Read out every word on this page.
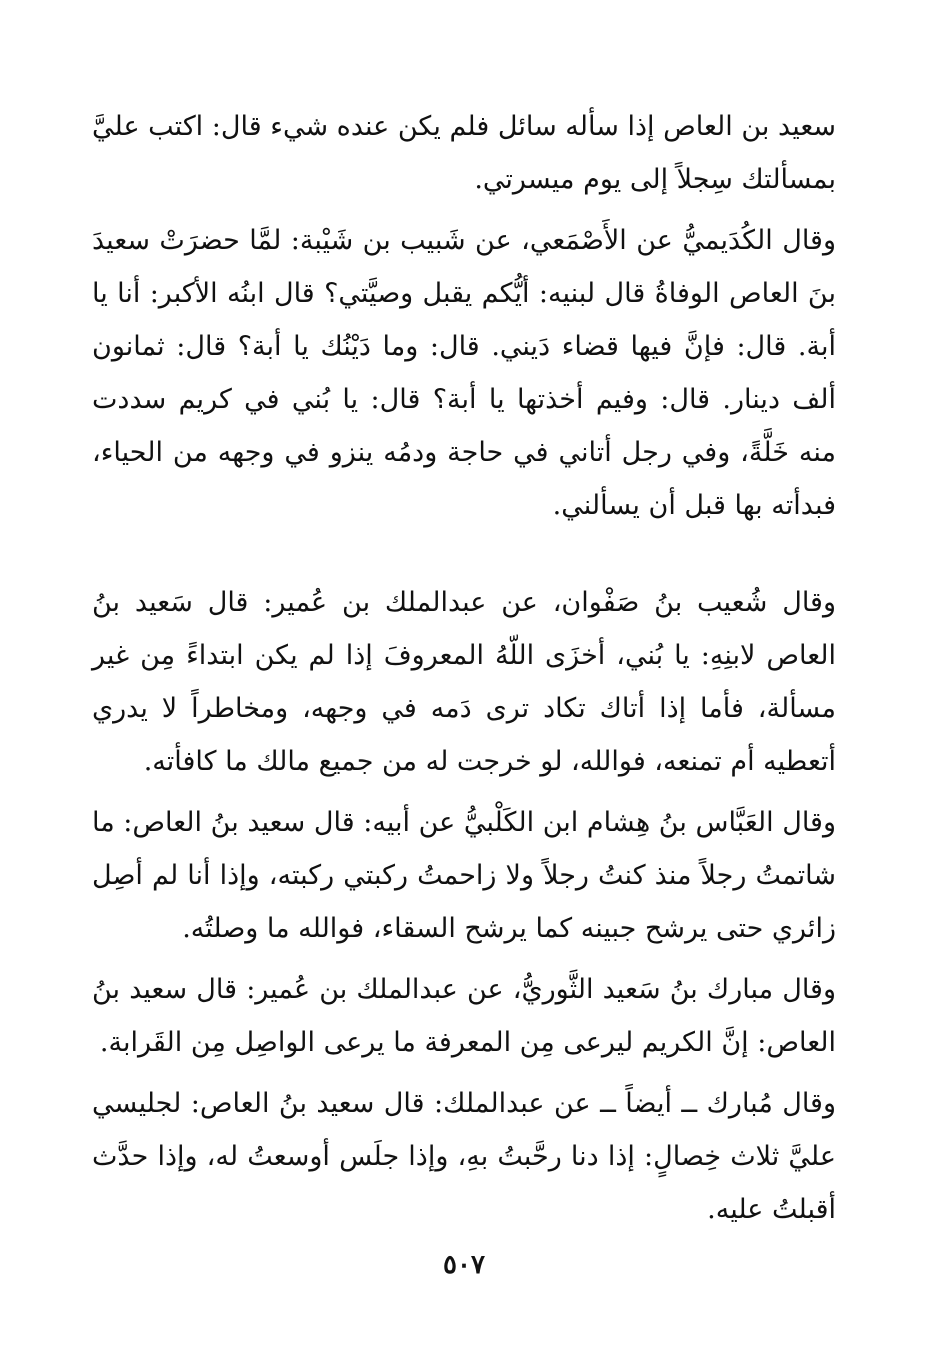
سعيد بن العاص إذا سأله سائل فلم يكن عنده شيء قال: اكتب عليَّ بمسألتك سِجلاً إلى يوم ميسرتي.

وقال الكُدَيميُّ عن الأَصْمَعي، عن شَبيب بن شَيْبة: لمَّا حضرَتْ سعيدَ بنَ العاص الوفاةُ قال لبنيه: أيُّكم يقبل وصيَّتي؟ قال ابنُه الأكبر: أنا يا أبة. قال: فإنَّ فيها قضاء دَيني. قال: وما دَيْنُك يا أبة؟ قال: ثمانون ألف دينار. قال: وفيم أخذتها يا أبة؟ قال: يا بُني في كريم سددت منه خَلَّةً، وفي رجل أتاني في حاجة ودمُه ينزو في وجهه من الحياء، فبدأته بها قبل أن يسألني.

وقال شُعيب بنُ صَفْوان، عن عبدالملك بن عُمير: قال سَعيد بنُ العاص لابنِهِ: يا بُني، أخزَى اللّهُ المعروفَ إذا لم يكن ابتداءً مِن غير مسألة، فأما إذا أتاك تكاد ترى دَمه في وجهه، ومخاطراً لا يدري أتعطيه أم تمنعه، فوالله، لو خرجت له من جميع مالك ما كافأته.

وقال العَبَّاس بنُ هِشام ابن الكَلْبيُّ عن أبيه: قال سعيد بنُ العاص: ما شاتمتُ رجلاً منذ كنتُ رجلاً ولا زاحمتُ ركبتي ركبته، وإذا أنا لم أصِل زائري حتى يرشح جبينه كما يرشح السقاء، فوالله ما وصلتُه.

وقال مبارك بنُ سَعيد الثَّوريُّ، عن عبدالملك بن عُمير: قال سعيد بنُ العاص: إنَّ الكريم ليرعى مِن المعرفة ما يرعى الواصِل مِن القَرابة.

وقال مُبارك ــ أيضاً ــ عن عبدالملك: قال سعيد بنُ العاص: لجليسي عليَّ ثلاث خِصالٍ: إذا دنا رحَّبتُ بهِ، وإذا جلَس أوسعتُ له، وإذا حدَّث أقبلتُ عليه.

٥٠٧
